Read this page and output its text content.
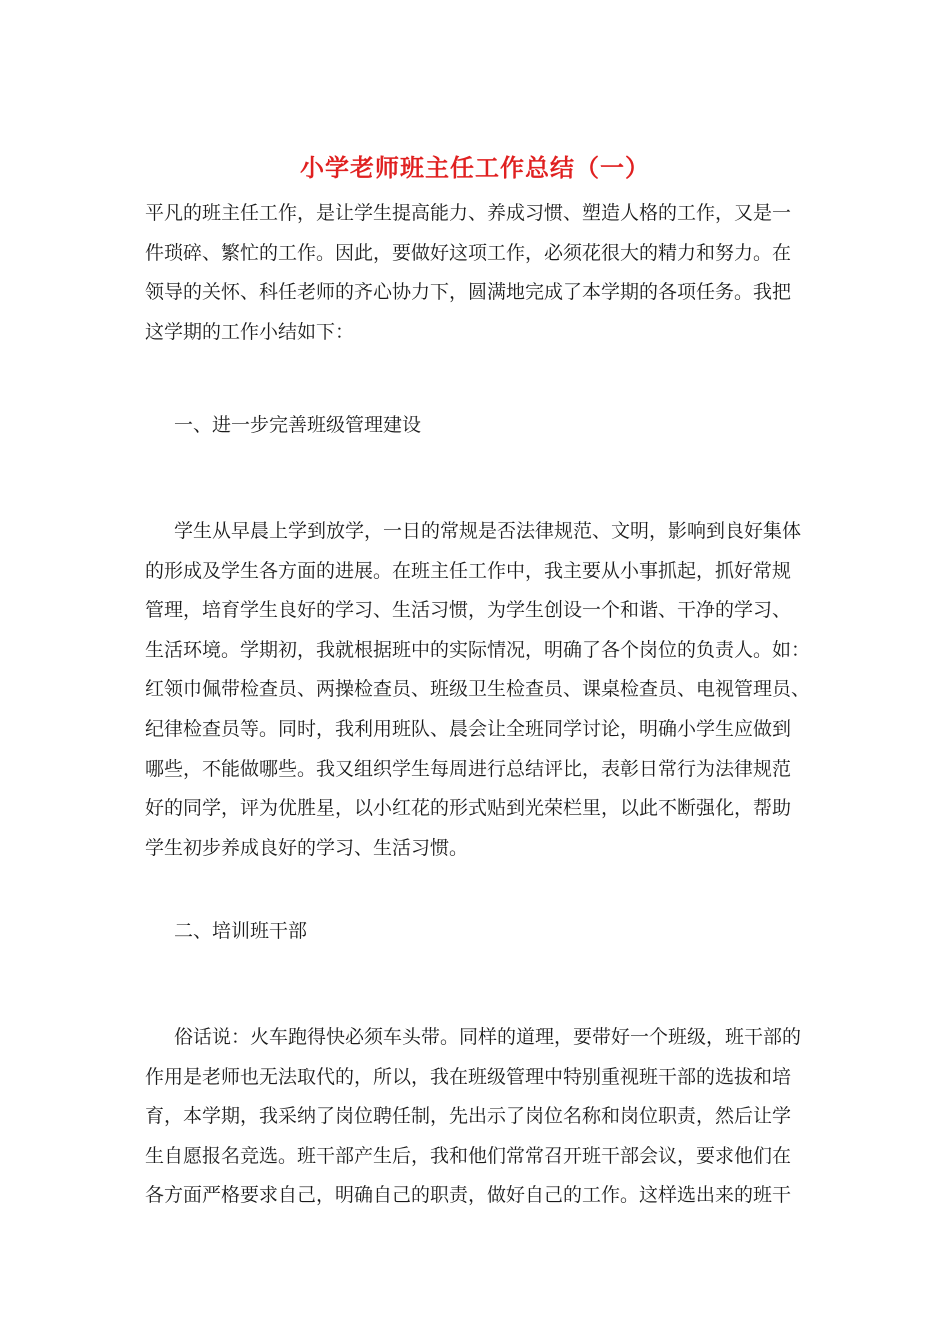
小学老师班主任工作总结（一）
平凡的班主任工作，是让学生提高能力、养成习惯、塑造人格的工作，又是一
件琐碎、繁忙的工作。因此，要做好这项工作，必须花很大的精力和努力。在
领导的关怀、科任老师的齐心协力下，圆满地完成了本学期的各项任务。我把
这学期的工作小结如下：
一、进一步完善班级管理建设
学生从早晨上学到放学，一日的常规是否法律规范、文明，影响到良好集体
的形成及学生各方面的进展。在班主任工作中，我主要从小事抓起，抓好常规
管理，培育学生良好的学习、生活习惯，为学生创设一个和谐、干净的学习、
生活环境。学期初，我就根据班中的实际情况，明确了各个岗位的负责人。如：
红领巾佩带检查员、两操检查员、班级卫生检查员、课桌检查员、电视管理员、
纪律检查员等。同时，我利用班队、晨会让全班同学讨论，明确小学生应做到
哪些，不能做哪些。我又组织学生每周进行总结评比，表彰日常行为法律规范
好的同学，评为优胜星，以小红花的形式贴到光荣栏里，以此不断强化，帮助
学生初步养成良好的学习、生活习惯。
二、培训班干部
俗话说：火车跑得快必须车头带。同样的道理，要带好一个班级，班干部的
作用是老师也无法取代的，所以，我在班级管理中特别重视班干部的选拔和培
育，本学期，我采纳了岗位聘任制，先出示了岗位名称和岗位职责，然后让学
生自愿报名竞选。班干部产生后，我和他们常常召开班干部会议，要求他们在
各方面严格要求自己，明确自己的职责，做好自己的工作。这样选出来的班干
